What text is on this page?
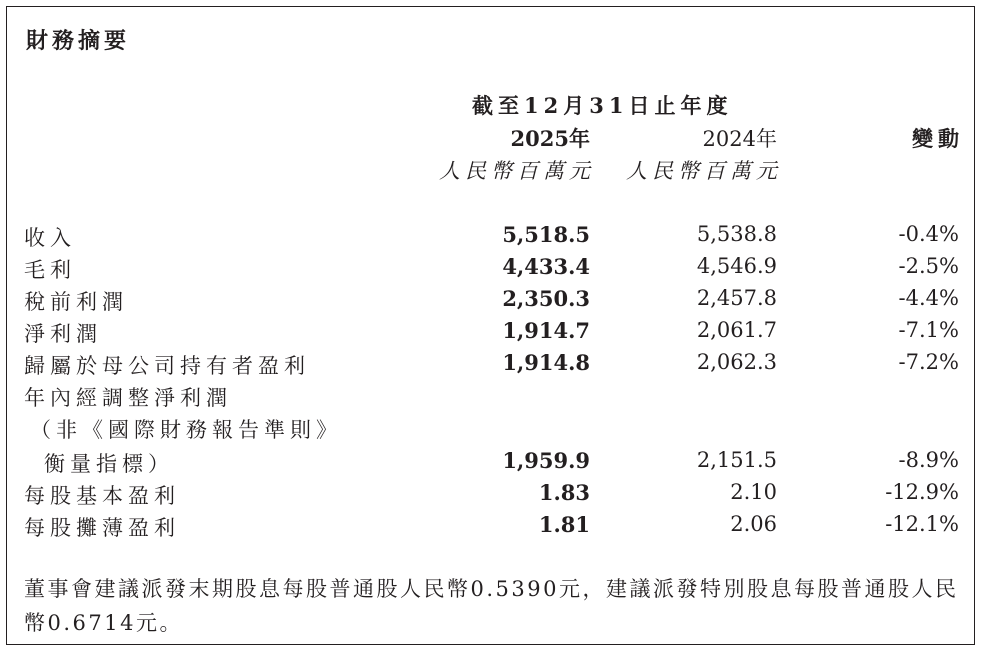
財務摘要
截至12月31日止年度
2025年	2024年	變動
人民幣百萬元 人民幣百萬元
收入	5,518.5	5,538.8	-0.4%
毛利	4,433.4	4,546.9	-2.5%
稅前利潤	2,350.3	2,457.8	-4.4%
淨利潤	1,914.7	2,061.7	-7.1%
歸屬於母公司持有者盈利	1,914.8	2,062.3	-7.2%
年內經調整淨利潤
（非《國際財務報告準則》
衡量指標）	1,959.9	2,151.5	-8.9%
每股基本盈利	1.83	2.10	-12.9%
每股攤薄盈利	1.81	2.06	-12.1%
董事會建議派發末期股息每股普通股人民幣0.5390元，建議派發特別股息每股普通股人民幣0.6714元。
